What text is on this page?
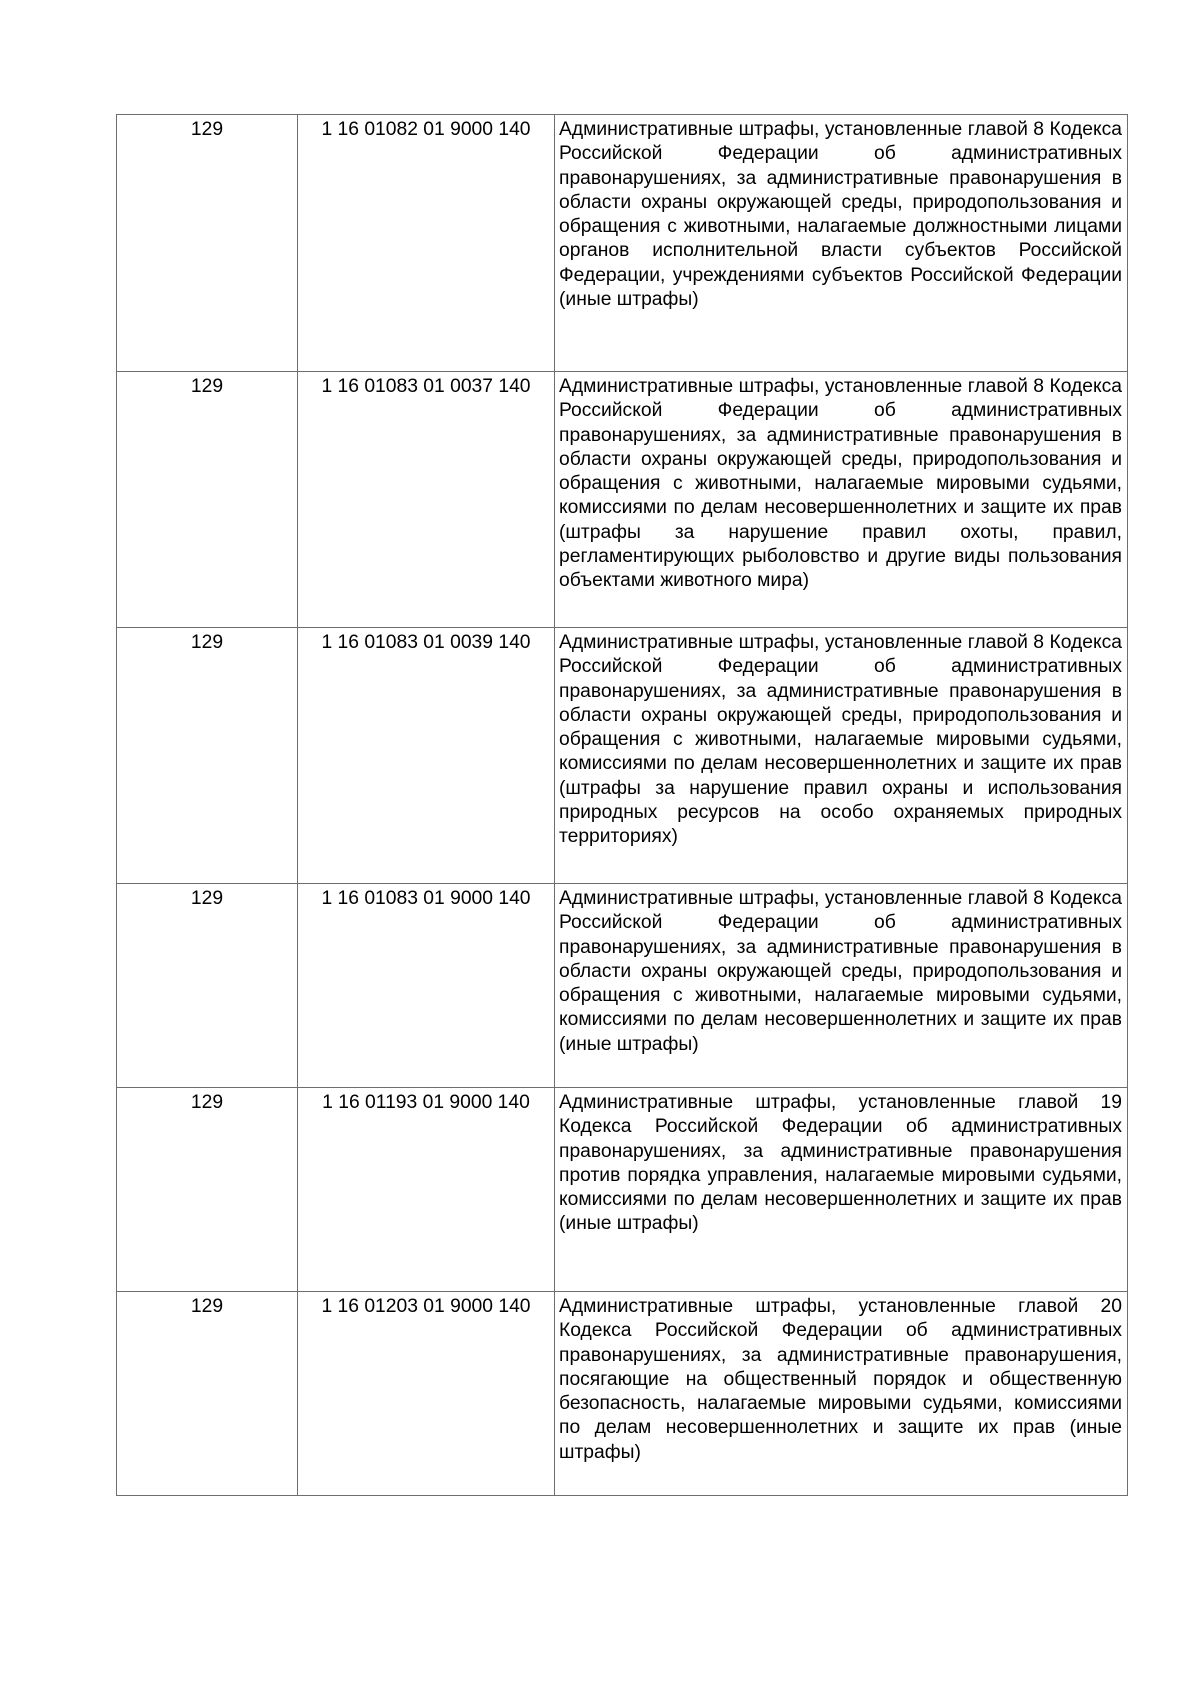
129	1 16 01082 01 9000 140	Административные штрафы, установленные главой 8 Кодекса Российской Федерации об административных правонарушениях, за административные правонарушения в области охраны окружающей среды, природопользования и обращения с животными, налагаемые должностными лицами органов исполнительной власти субъектов Российской Федерации, учреждениями субъектов Российской Федерации (иные штрафы)

129	1 16 01083 01 0037 140	Административные штрафы, установленные главой 8 Кодекса Российской Федерации об административных правонарушениях, за административные правонарушения в области охраны окружающей среды, природопользования и обращения с животными, налагаемые мировыми судьями, комиссиями по делам несовершеннолетних и защите их прав (штрафы за нарушение правил охоты, правил, регламентирующих рыболовство и другие виды пользования объектами животного мира)

129	1 16 01083 01 0039 140	Административные штрафы, установленные главой 8 Кодекса Российской Федерации об административных правонарушениях, за административные правонарушения в области охраны окружающей среды, природопользования и обращения с животными, налагаемые мировыми судьями, комиссиями по делам несовершеннолетних и защите их прав (штрафы за нарушение правил охраны и использования природных ресурсов на особо охраняемых природных территориях)

129	1 16 01083 01 9000 140	Административные штрафы, установленные главой 8 Кодекса Российской Федерации об административных правонарушениях, за административные правонарушения в области охраны окружающей среды, природопользования и обращения с животными, налагаемые мировыми судьями, комиссиями по делам несовершеннолетних и защите их прав (иные штрафы)

129	1 16 01193 01 9000 140	Административные штрафы, установленные главой 19 Кодекса Российской Федерации об административных правонарушениях, за административные правонарушения против порядка управления, налагаемые мировыми судьями, комиссиями по делам несовершеннолетних и защите их прав (иные штрафы)

129	1 16 01203 01 9000 140	Административные штрафы, установленные главой 20 Кодекса Российской Федерации об административных правонарушениях, за административные правонарушения, посягающие на общественный порядок и общественную безопасность, налагаемые мировыми судьями, комиссиями по делам несовершеннолетних и защите их прав (иные штрафы)
